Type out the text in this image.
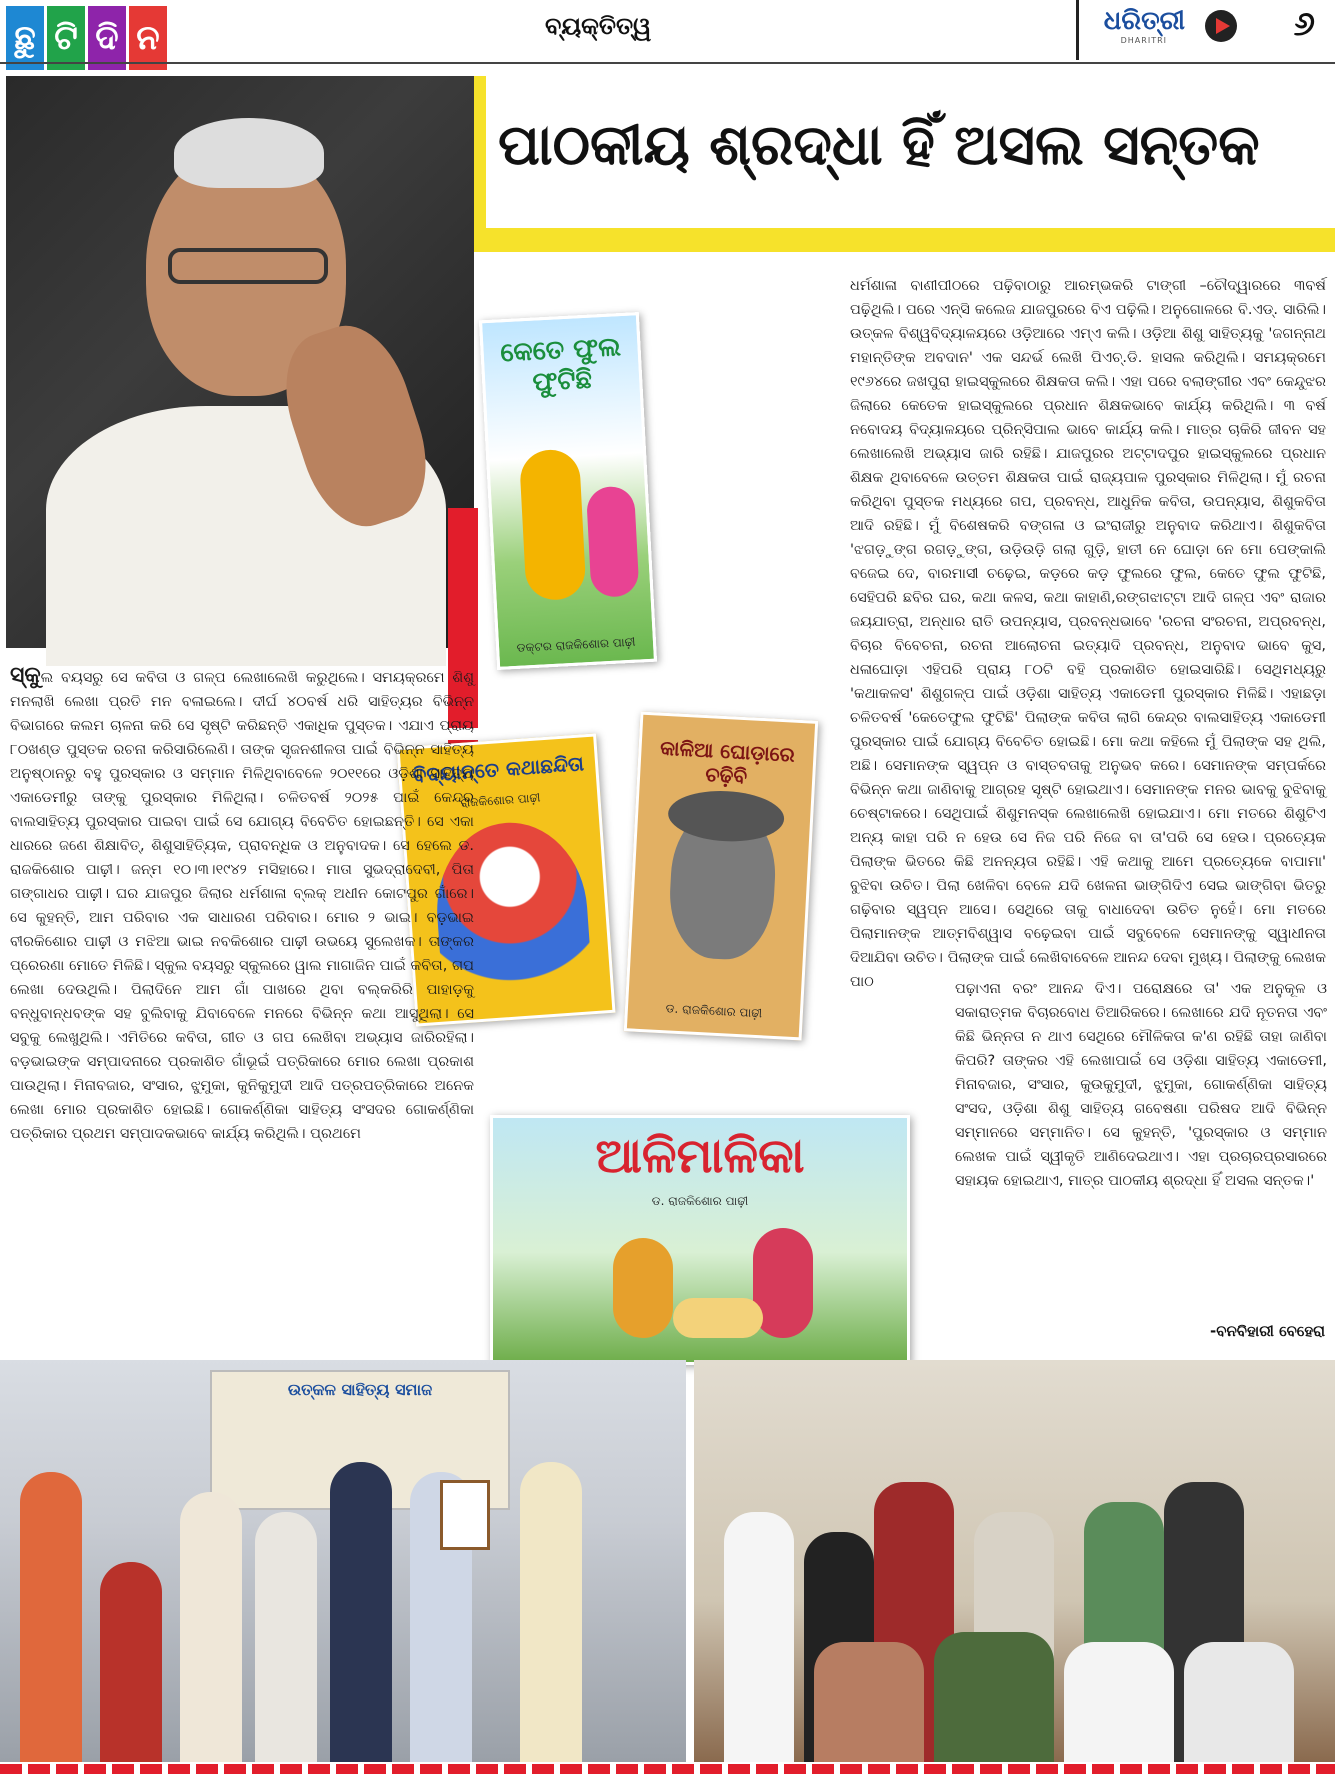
ଛୁ ଟି ଦି ନ	ବ୍ୟକ୍ତିତ୍ୱ	ଧରିତ୍ରୀ
DHARITRI	୬
ପାଠକୀୟ ଶ୍ରଦ୍ଧା ହିଁ ଅସଲ ସନ୍ତକ
କେତେ ଫୁଲ ଫୁଟିଛି
ଡକ୍ଟର ରାଜକିଶୋର ପାଢ଼ୀ
ବିଦ୍ୟାନ୍ତେ କଥାଛନ୍ଦିତା
ରାଜକିଶୋର ପାଢ଼ୀ
କାଳିଆ ଘୋଡ଼ାରେ ଚଢ଼ିବି
ଡ. ରାଜକିଶୋର ପାଢ଼ୀ
ଆଳିମାଳିକା
ଡ. ରାଜକିଶୋର ପାଢ଼ୀ
ଧର୍ମଶାଳା ବାଣୀପୀଠରେ ପଢ଼ିବାଠାରୁ ଆରମ୍ଭକରି ଟାଙ୍ଗୀ –ଚୌଦ୍ୱାରରେ ୩ବର୍ଷ ପଢ଼ିଥିଲି। ପରେ ଏନ୍‌ସି କଲେଜ ଯାଜପୁରରେ ବିଏ ପଢ଼ିଲି। ଅନୁଗୋଳରେ ବି.ଏଡ୍. ସାରିଲି। ଉତ୍କଳ ବିଶ୍ୱବିଦ୍ୟାଳୟରେ ଓଡ଼ିଆରେ ଏମ୍ଏ କଲି। ଓଡ଼ିଆ ଶିଶୁ ସାହିତ୍ୟକୁ 'ଜଗନ୍ନାଥ ମହାନ୍ତିଙ୍କ ଅବଦାନ' ଏକ ସନ୍ଦର୍ଭ ଲେଖି ପିଏଚ୍.ଡି. ହାସଲ କରିଥିଲି। ସମୟକ୍ରମେ ୧୯୬୪ରେ ଜଖପୁରା ହାଇସ୍କୁଲରେ ଶିକ୍ଷକତା କଲି। ଏହା ପରେ ବଲାଙ୍ଗୀର ଏବଂ କେନ୍ଦୁଝର ଜିଲାରେ କେତେକ ହାଇସ୍କୁଲରେ ପ୍ରଧାନ ଶିକ୍ଷକଭାବେ କାର୍ଯ୍ୟ କରିଥିଲି। ୩ ବର୍ଷ ନବୋଦୟ ବିଦ୍ୟାଳୟରେ ପ୍ରିନ୍ସିପାଲ ଭାବେ କାର୍ଯ୍ୟ କଲି। ମାତ୍ର ଚାକିରି ଜୀବନ ସହ ଲେଖାଲେଖି ଅଭ୍ୟାସ ଜାରି ରହିଛି। ଯାଜପୁରର ଅଟ୍ଟାଦପୁର ହାଇସ୍କୁଲରେ ପ୍ରଧାନ ଶିକ୍ଷକ ଥିବାବେଳେ ଉତ୍ତମ ଶିକ୍ଷକତା ପାଇଁ ରାଜ୍ୟପାଳ ପୁରସ୍କାର ମିଳିଥିଲା। ମୁଁ ରଚନା କରିଥିବା ପୁସ୍ତକ ମଧ୍ୟରେ ଗପ, ପ୍ରବନ୍ଧ, ଆଧୁନିକ କବିତା, ଉପନ୍ୟାସ, ଶିଶୁକବିତା ଆଦି ରହିଛି। ମୁଁ ବିଶେଷକରି ବଙ୍ଗଳା ଓ ଇଂରାଜୀରୁ ଅନୁବାଦ କରିଥାଏ। ଶିଶୁକବିତା 'ଝଗଡ଼ୁଙ୍ଗ ରଗଡ଼ୁଙ୍ଗ, ଉଡ଼ିଉଡ଼ି ଗଲା ଗୁଡ଼ି, ହାତୀ ନେ ଘୋଡ଼ା ନେ ମୋ ପେଙ୍କାଲି ବଜେଇ ଦେ, ବାରମାସୀ ଚଢ଼େଇ, କଡ଼ରେ କଡ଼ ଫୁଲରେ ଫୁଲ, କେତେ ଫୁଲ ଫୁଟିଛି, ସେହିପରି ଛବିର ଘର, କଥା କଳସ, କଥା କାହାଣି,ରଙ୍ଗଝାଟ୍ଟା ଆଦି ଗଳ୍ପ ଏବଂ ରାଜାର ଜୟଯାତ୍ରା, ଅନ୍ଧାର ରାତି ଉପନ୍ୟାସ, ପ୍ରବନ୍ଧଭାବେ 'ରଚନା ସଂରଚନା, ଅପ୍ରବନ୍ଧ, ବିଚାର ବିବେଚନା, ରଚନା ଆଲୋଚନା ଇତ୍ୟାଦି ପ୍ରବନ୍ଧ, ଅନୁବାଦ ଭାବେ କୁସ, ଧଳାଘୋଡ଼ା ଏହିପରି ପ୍ରାୟ ୮୦ଟି ବହି ପ୍ରକାଶିତ ହୋଇସାରିଛି। ସେଥିମଧ୍ୟରୁ 'କଥାକଳସ' ଶିଶୁଗଳ୍ପ ପାଇଁ ଓଡ଼ିଶା ସାହିତ୍ୟ ଏକାଡେମୀ ପୁରସ୍କାର ମିଳିଛି। ଏହାଛଡ଼ା ଚଳିତବର୍ଷ 'କେତେଫୁଲ ଫୁଟିଛି' ପିଲାଙ୍କ କବିତା ଲାଗି କେନ୍ଦ୍ର ବାଲସାହିତ୍ୟ ଏକାଡେମୀ ପୁରସ୍କାର ପାଇଁ ଯୋଗ୍ୟ ବିବେଚିତ ହୋଇଛି। ମୋ କଥା କହିଲେ ମୁଁ ପିଲାଙ୍କ ସହ ଥିଲି, ଅଛି। ସେମାନଙ୍କ ସ୍ୱପ୍ନ ଓ ବାସ୍ତବତାକୁ ଅନୁଭବ କରେ। ସେମାନଙ୍କ ସମ୍ପର୍କରେ ବିଭିନ୍ନ କଥା ଜାଣିବାକୁ ଆଗ୍ରହ ସୃଷ୍ଟି ହୋଇଥାଏ। ସେମାନଙ୍କ ମନର ଭାବକୁ ବୁଝିବାକୁ ଚେଷ୍ଟାକରେ। ସେଥିପାଇଁ ଶିଶୁମନସ୍କ ଲେଖାଲେଖି ହୋଇଯାଏ। ମୋ ମତରେ ଶିଶୁଟିଏ ଅନ୍ୟ କାହା ପରି ନ ହେଉ ସେ ନିଜ ପରି ନିଜେ ବା ତା'ପରି ସେ ହେଉ। ପ୍ରତ୍ୟେକ ପିଲାଙ୍କ ଭିତରେ କିଛି ଅନନ୍ୟତା ରହିଛି। ଏହି କଥାକୁ ଆମେ ପ୍ରତ୍ୟେକେ ବାପାମା' ବୁଝିବା ଉଚିତ। ପିଲା ଖେଳିବା ବେଳେ ଯଦି ଖେଳନା ଭାଙ୍ଗିଦିଏ ସେଇ ଭାଙ୍ଗିବା ଭିତରୁ ଗଢ଼ିବାର ସ୍ୱପ୍ନ ଆସେ। ସେଥିରେ ତାକୁ ବାଧାଦେବା ଉଚିତ ନୁହେଁ। ମୋ ମତରେ ପିଲାମାନଙ୍କ ଆତ୍ମବିଶ୍ୱାସ ବଢ଼େଇବା ପାଇଁ ସବୁବେଳେ ସେମାନଙ୍କୁ ସ୍ୱାଧୀନତା ଦିଆଯିବା ଉଚିତ। ପିଲାଙ୍କ ପାଇଁ ଲେଖିବାବେଳେ ଆନନ୍ଦ ଦେବା ମୁଖ୍ୟ। ପିଲାଙ୍କୁ ଲେଖକ ପାଠ	ପଢ଼ାଏନା ବରଂ ଆନନ୍ଦ ଦିଏ। ପରୋକ୍ଷରେ ତା' ଏକ ଅନୁକୂଳ ଓ ସକାରାତ୍ମକ ବିଚାରବୋଧ ତିଆରିକରେ। ଲେଖାରେ ଯଦି ନୂତନତା ଏବଂ କିଛି ଭିନ୍ନତା ନ ଥାଏ ସେଥିରେ ମୌଳିକତା କ'ଣ ରହିଛି ତାହା ଜାଣିବା କିପରି? ତାଙ୍କର ଏହି ଲେଖାପାଇଁ ସେ ଓଡ଼ିଶା ସାହିତ୍ୟ ଏକାଡେମୀ, ମିନାବଜାର, ସଂସାର, କୁଉକୁମୁଦୀ, ଝୁମୁକା, ଗୋକର୍ଣ୍ଣିକା ସାହିତ୍ୟ ସଂସଦ, ଓଡ଼ିଶା ଶିଶୁ ସାହିତ୍ୟ ଗବେଷଣା ପରିଷଦ ଆଦି ବିଭିନ୍ନ ସମ୍ମାନରେ ସମ୍ମାନିତ। ସେ କୁହନ୍ତି, 'ପୁରସ୍କାର ଓ ସମ୍ମାନ ଲେଖକ ପାଇଁ ସ୍ୱୀକୃତି ଆଣିଦେଇଥାଏ। ଏହା ପ୍ରଚାରପ୍ରସାରରେ ସହାୟକ ହୋଇଥାଏ, ମାତ୍ର ପାଠକୀୟ ଶ୍ରଦ୍ଧା ହିଁ ଅସଲ ସନ୍ତକ।'
ସ୍କୁଲ ବୟସରୁ ସେ କବିତା ଓ ଗଳ୍ପ ଲେଖାଲେଖି କରୁଥିଲେ। ସମୟକ୍ରମେ ଶିଶୁ ମନଲାଖି ଲେଖା ପ୍ରତି ମନ ବଳାଇଲେ। ଦୀର୍ଘ ୪୦ବର୍ଷ ଧରି ସାହିତ୍ୟର ବିଭିନ୍ନ ବିଭାଗରେ କଲମ ଚାଳନା କରି ସେ ସୃଷ୍ଟି କରିଛନ୍ତି ଏକାଧିକ ପୁସ୍ତକ। ଏଯାଏ ପ୍ରାୟ ୮୦ଖଣ୍ଡ ପୁସ୍ତକ ରଚନା କରିସାରିଲେଣି। ତାଙ୍କ ସୃଜନଶୀଳତା ପାଇଁ ବିଭିନ୍ନ ସାହିତ୍ୟ ଅନୁଷ୍ଠାନରୁ ବହୁ ପୁରସ୍କାର ଓ ସମ୍ମାନ ମିଳିଥିବାବେଳେ ୨୦୧୧ରେ ଓଡ଼ିଶା ସାହିତ୍ୟ ଏକାଡେମୀରୁ ତାଙ୍କୁ ପୁରସ୍କାର ମିଳିଥିଲା। ଚଳିତବର୍ଷ ୨୦୨୫ ପାଇଁ କେନ୍ଦ୍ର ବାଲସାହିତ୍ୟ ପୁରସ୍କାର ପାଇବା ପାଇଁ ସେ ଯୋଗ୍ୟ ବିବେଚିତ ହୋଇଛନ୍ତି। ସେ ଏକା ଧାରରେ ଜଣେ ଶିକ୍ଷାବିତ୍, ଶିଶୁସାହିତ୍ୟିକ, ପ୍ରାବନ୍ଧିକ ଓ ଅନୁବାଦକ। ସେ ହେଲେ ଡ. ରାଜକିଶୋର ପାଢ଼ୀ। ଜନ୍ମ ୧୦।୩।୧୯୪୨ ମସିହାରେ। ମାତା ସୁଭଦ୍ରାଦେବୀ, ପିତା ଗଙ୍ଗାଧର ପାଢ଼ୀ। ଘର ଯାଜପୁର ଜିଲାର ଧର୍ମଶାଳା ବ୍ଲକ୍ ଅଧୀନ କୋଟପୁର ଗାଁରେ। ସେ କୁହନ୍ତି, ଆମ ପରିବାର ଏକ ସାଧାରଣ ପରିବାର। ମୋର ୨ ଭାଇ। ବଡ଼ଭାଇ ବୀରକିଶୋର ପାଢ଼ୀ ଓ ମଝିଆ ଭାଇ ନବକିଶୋର ପାଢ଼ୀ ଉଭୟେ ସୁଲେଖକ। ତାଙ୍କର ପ୍ରେରଣା ମୋତେ ମିଳିଛି। ସ୍କୁଲ ବୟସରୁ ସ୍କୁଲରେ ୱାଲ ମାଗାଜିନ ପାଇଁ କବିତା, ଗପ ଲେଖା ଦେଉଥିଲି। ପିଲାଦିନେ ଆମ ଗାଁ ପାଖରେ ଥିବା ବଲ୍କରିରି ପାହାଡ଼କୁ ବନ୍ଧୁବାନ୍ଧବଙ୍କ ସହ ବୁଲିବାକୁ ଯିବାବେଳେ ମନରେ ବିଭିନ୍ନ କଥା ଆସୁଥିଲା। ସେ ସବୁକୁ ଲେଖୁଥିଲି। ଏମିତିରେ କବିତା, ଗୀତ ଓ ଗପ ଲେଖିବା ଅଭ୍ୟାସ ଜାରିରହିଲା। ବଡ଼ଭାଇଙ୍କ ସମ୍ପାଦନାରେ ପ୍ରକାଶିତ ଗାଁଭୂଇଁ ପତ୍ରିକାରେ ମୋର ଲେଖା ପ୍ରକାଶ ପାଉଥିଲା। ମିନାବଜାର, ସଂସାର, ଝୁମୁକା, କୁନିକୁମୁଦୀ ଆଦି ପତ୍ରପତ୍ରିକାରେ ଅନେକ ଲେଖା ମୋର ପ୍ରକାଶିତ ହୋଇଛି। ଗୋକର୍ଣ୍ଣିକା ସାହିତ୍ୟ ସଂସଦର ଗୋକର୍ଣ୍ଣିକା ପତ୍ରିକାର ପ୍ରଥମ ସମ୍ପାଦକଭାବେ କାର୍ଯ୍ୟ କରିଥିଲି। ପ୍ରଥମେ
-ବନବିହାରୀ ବେହେରା
ଉତ୍କଳ ସାହିତ୍ୟ ସମାଜ
